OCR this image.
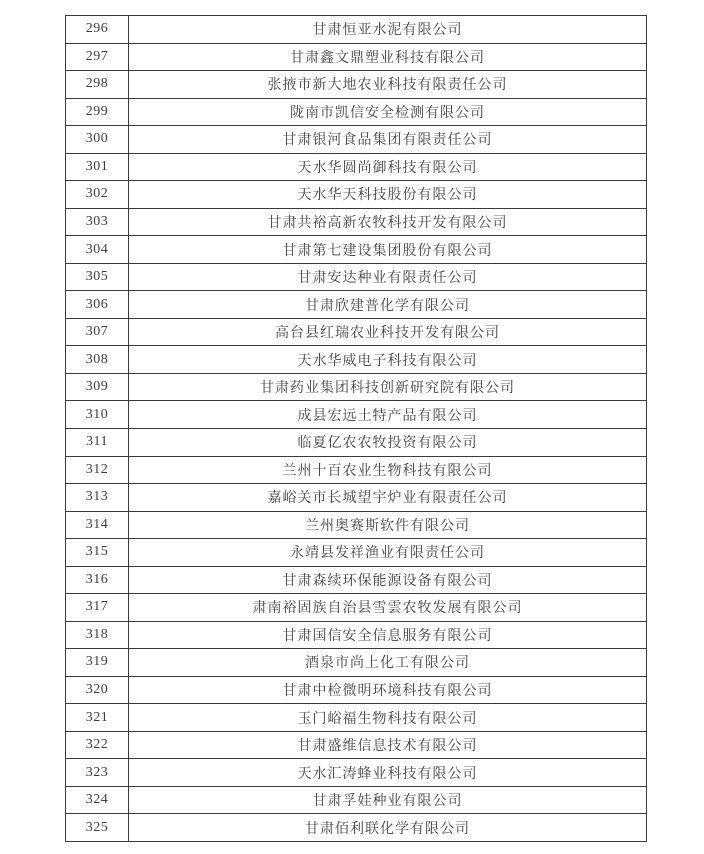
296	甘肃恒亚水泥有限公司
297	甘肃鑫文鼎塑业科技有限公司
298	张掖市新大地农业科技有限责任公司
299	陇南市凯信安全检测有限公司
300	甘肃银河食品集团有限责任公司
301	天水华圆尚御科技有限公司
302	天水华天科技股份有限公司
303	甘肃共裕高新农牧科技开发有限公司
304	甘肃第七建设集团股份有限公司
305	甘肃安达种业有限责任公司
306	甘肃欣建普化学有限公司
307	高台县红瑞农业科技开发有限公司
308	天水华威电子科技有限公司
309	甘肃药业集团科技创新研究院有限公司
310	成县宏远土特产品有限公司
311	临夏亿农农牧投资有限公司
312	兰州十百农业生物科技有限公司
313	嘉峪关市长城望宇炉业有限责任公司
314	兰州奥赛斯软件有限公司
315	永靖县发祥渔业有限责任公司
316	甘肃森续环保能源设备有限公司
317	肃南裕固族自治县雪雲农牧发展有限公司
318	甘肃国信安全信息服务有限公司
319	酒泉市尚上化工有限公司
320	甘肃中检微明环境科技有限公司
321	玉门峪福生物科技有限公司
322	甘肃盛维信息技术有限公司
323	天水汇涛蜂业科技有限公司
324	甘肃孚娃种业有限公司
325	甘肃佰利联化学有限公司
